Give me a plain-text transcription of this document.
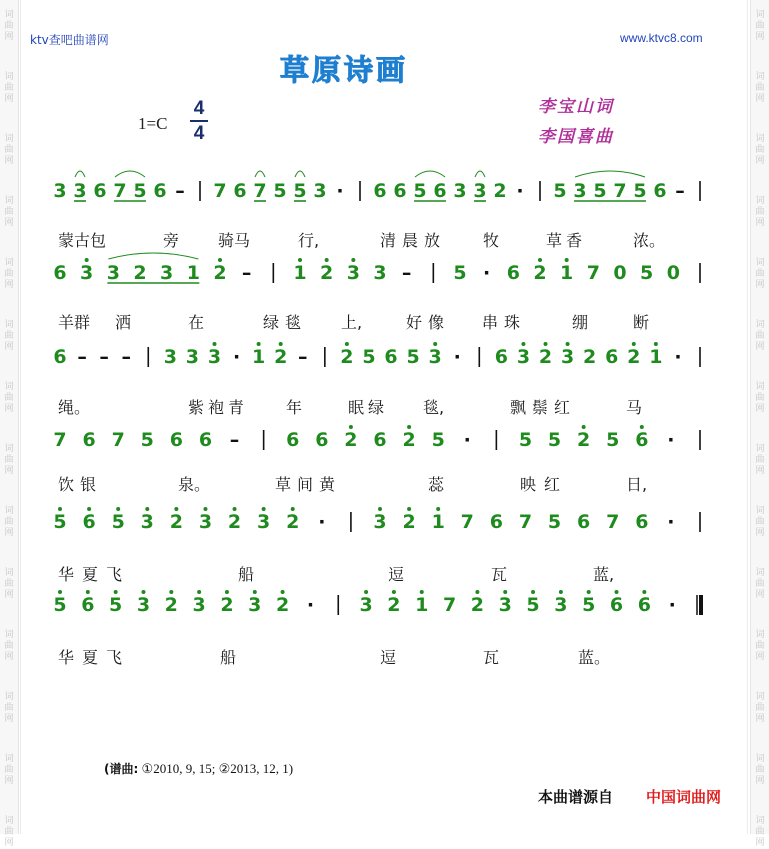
词
曲
网
词
曲
网
词
曲
网
词
曲
网
词
曲
网
词
曲
网
词
曲
网
词
曲
网
词
曲
网
词
曲
网
词
曲
网
词
曲
网
词
曲
网
词
曲
网
词
曲
网
词
曲
网
词
曲
网
词
曲
网
词
曲
网
词
曲
网
词
曲
网
词
曲
网
词
曲
网
词
曲
网
词
曲
网
词
曲
网
词
曲
网
词
曲
网
ktv查吧曲谱网	www.ktvc8.com
草原诗画
1=C
4
4
李宝山词
李国喜曲
3 3 6 7 5 6 – 7 6 7 5 5 3 · 6 6 5 6 3 3 2 · 5 3 5 7 5 6 –
6 3 3 2 3 1 2 – 1 2 3 3 – 5 · 6 2 1 7 0 5 0
6 – – – 3 3 3 · 1 2 – 2 5 6 5 3 · 6 3 2 3 2 6 2 1 ·
7 6 7 5 6 6 – 6 6 2 6 2 5 ·	5 5 2 5 6 ·
5 6 5 3 2 3 2 3 2 ·	3 2 1 7 6 7 5 6 7 6 ·
5 6 5 3 2 3 2 3 2 · 3 2 1 7 2 3 5 3 5 6 6 ·
蒙古包	旁 骑马	行,	清晨放 牧	草香	浓。
羊群 洒	在	绿毯 上,	好像 串珠	绷	断
绳。	紫袍青 年	眠绿 毯,	飘鬃红	马
饮银	泉。	草间黄	蕊	映红	日,
华夏飞	船	逗	瓦	蓝,
华夏飞	船	逗	瓦	蓝。
(谱曲: ①2010, 9, 15; ②2013, 12, 1)
本曲谱源自 中国词曲网
